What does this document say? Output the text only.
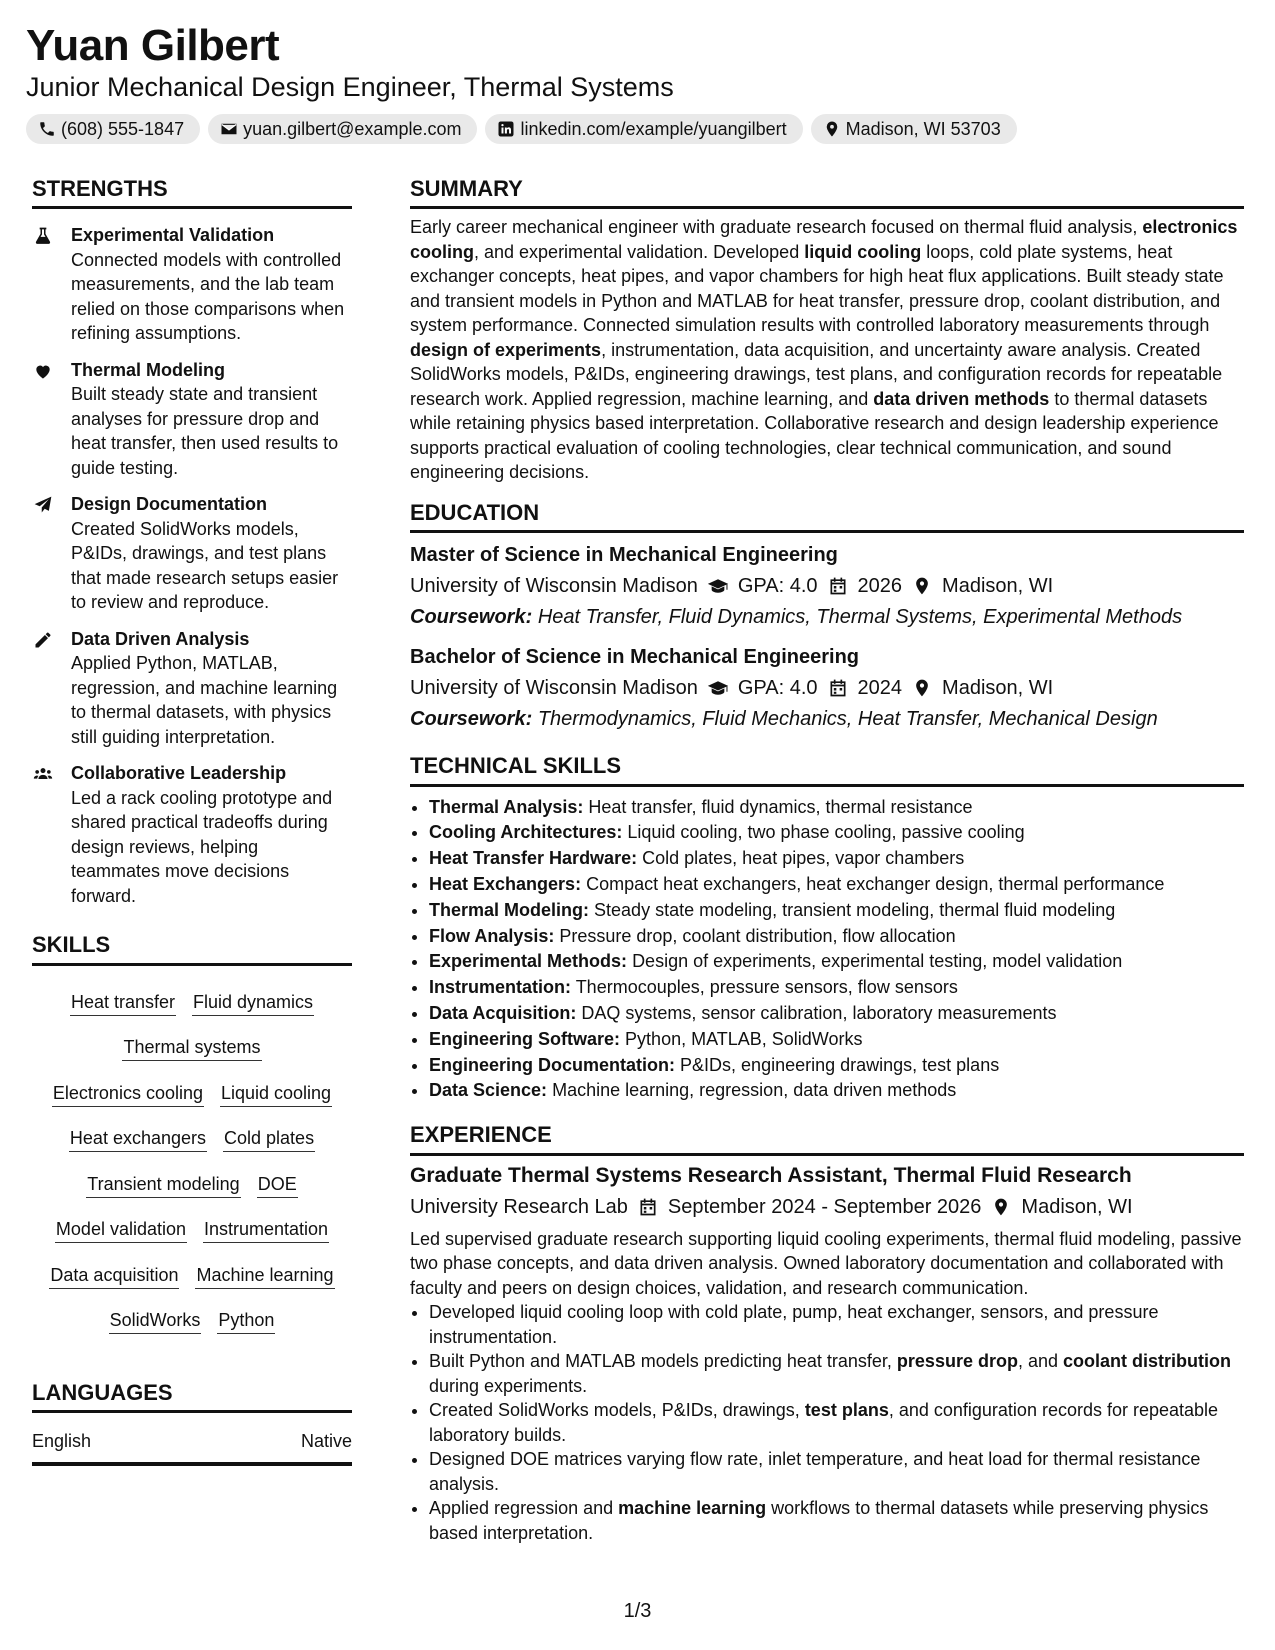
Yuan Gilbert
Junior Mechanical Design Engineer, Thermal Systems
(608) 555-1847	yuan.gilbert@example.com	linkedin.com/example/yuangilbert	Madison, WI 53703
STRENGTHS
Experimental Validation
Connected models with controlled measurements, and the lab team relied on those comparisons when refining assumptions.
Thermal Modeling
Built steady state and transient analyses for pressure drop and heat transfer, then used results to guide testing.
Design Documentation
Created SolidWorks models, P&IDs, drawings, and test plans that made research setups easier to review and reproduce.
Data Driven Analysis
Applied Python, MATLAB, regression, and machine learning to thermal datasets, with physics still guiding interpretation.
Collaborative Leadership
Led a rack cooling prototype and shared practical tradeoffs during design reviews, helping teammates move decisions forward.
SKILLS
Heat transfer Fluid dynamics
Thermal systems
Electronics cooling Liquid cooling
Heat exchangers Cold plates
Transient modeling DOE
Model validation Instrumentation
Data acquisition Machine learning
SolidWorks Python
LANGUAGES
English	Native
SUMMARY
Early career mechanical engineer with graduate research focused on thermal fluid analysis, electronics cooling, and experimental validation. Developed liquid cooling loops, cold plate systems, heat exchanger concepts, heat pipes, and vapor chambers for high heat flux applications. Built steady state and transient models in Python and MATLAB for heat transfer, pressure drop, coolant distribution, and system performance. Connected simulation results with controlled laboratory measurements through design of experiments, instrumentation, data acquisition, and uncertainty aware analysis. Created SolidWorks models, P&IDs, engineering drawings, test plans, and configuration records for repeatable research work. Applied regression, machine learning, and data driven methods to thermal datasets while retaining physics based interpretation. Collaborative research and design leadership experience supports practical evaluation of cooling technologies, clear technical communication, and sound engineering decisions.
EDUCATION
Master of Science in Mechanical Engineering
University of Wisconsin Madison GPA: 4.0 2026 Madison, WI
Coursework: Heat Transfer, Fluid Dynamics, Thermal Systems, Experimental Methods
Bachelor of Science in Mechanical Engineering
University of Wisconsin Madison GPA: 4.0 2024 Madison, WI
Coursework: Thermodynamics, Fluid Mechanics, Heat Transfer, Mechanical Design
TECHNICAL SKILLS
• Thermal Analysis: Heat transfer, fluid dynamics, thermal resistance
• Cooling Architectures: Liquid cooling, two phase cooling, passive cooling
• Heat Transfer Hardware: Cold plates, heat pipes, vapor chambers
• Heat Exchangers: Compact heat exchangers, heat exchanger design, thermal performance
• Thermal Modeling: Steady state modeling, transient modeling, thermal fluid modeling
• Flow Analysis: Pressure drop, coolant distribution, flow allocation
• Experimental Methods: Design of experiments, experimental testing, model validation
• Instrumentation: Thermocouples, pressure sensors, flow sensors
• Data Acquisition: DAQ systems, sensor calibration, laboratory measurements
• Engineering Software: Python, MATLAB, SolidWorks
• Engineering Documentation: P&IDs, engineering drawings, test plans
• Data Science: Machine learning, regression, data driven methods
EXPERIENCE
Graduate Thermal Systems Research Assistant, Thermal Fluid Research
University Research Lab September 2024 - September 2026 Madison, WI
Led supervised graduate research supporting liquid cooling experiments, thermal fluid modeling, passive two phase concepts, and data driven analysis. Owned laboratory documentation and collaborated with faculty and peers on design choices, validation, and research communication.
• Developed liquid cooling loop with cold plate, pump, heat exchanger, sensors, and pressure instrumentation.
• Built Python and MATLAB models predicting heat transfer, pressure drop, and coolant distribution during experiments.
• Created SolidWorks models, P&IDs, drawings, test plans, and configuration records for repeatable laboratory builds.
• Designed DOE matrices varying flow rate, inlet temperature, and heat load for thermal resistance analysis.
• Applied regression and machine learning workflows to thermal datasets while preserving physics based interpretation.
1/3
